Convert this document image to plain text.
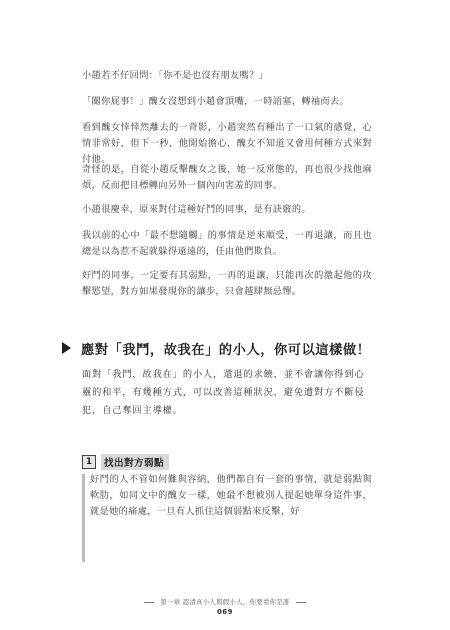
小趙若不仔回問：「你不是也沒有朋友嗎？」

「關你屁事！」醜女沒想到小趙會頂嘴，一時語塞，轉袖而去。

看到醜女悻悻然離去的一背影，小趙突然有種出了一口氣的感覺，心情非常好，但下一秒，他開始擔心，醜女不知道又會用何種方式來對付他。

奇怪的是，自從小趙反擊醜女之後，她一反常態的，再也很少找他麻煩，反而把目標轉向另外一個內向害羞的同事。

小趙很慶幸，原來對付這種好鬥的同事，是有訣竅的。

我以前的心中「最不想隨觸」的事情是逆來順受，一再退讓，而且也總是以為惹不起就躲得遠遠的，任由他們欺負。

好鬥的同事，一定要有其弱點，一再的退讓，只能再次的激起他的攻擊慾望，對方如果發現你的讓步，只會越肆無忌憚。

應對「我鬥，故我在」的小人，你可以這樣做！

面對「我鬥，故我在」的小人，還退的求饒，並不會讓你得到心靈的和平，有幾種方式，可以改善這種狀況，避免遭對方不斷侵犯，自己奪回主導權。

1	找出對方弱點

好鬥的人不管如何難與容納，他們都自有一套的事情，就是弱點與軟肋，如同文中的醜女一樣，她最不想被別人提起她單身這件事，就是她的痛處，一旦有人抓住這個弱點來反擊，好

第一章 認清真小人與假小人，你要看你是誰
069
